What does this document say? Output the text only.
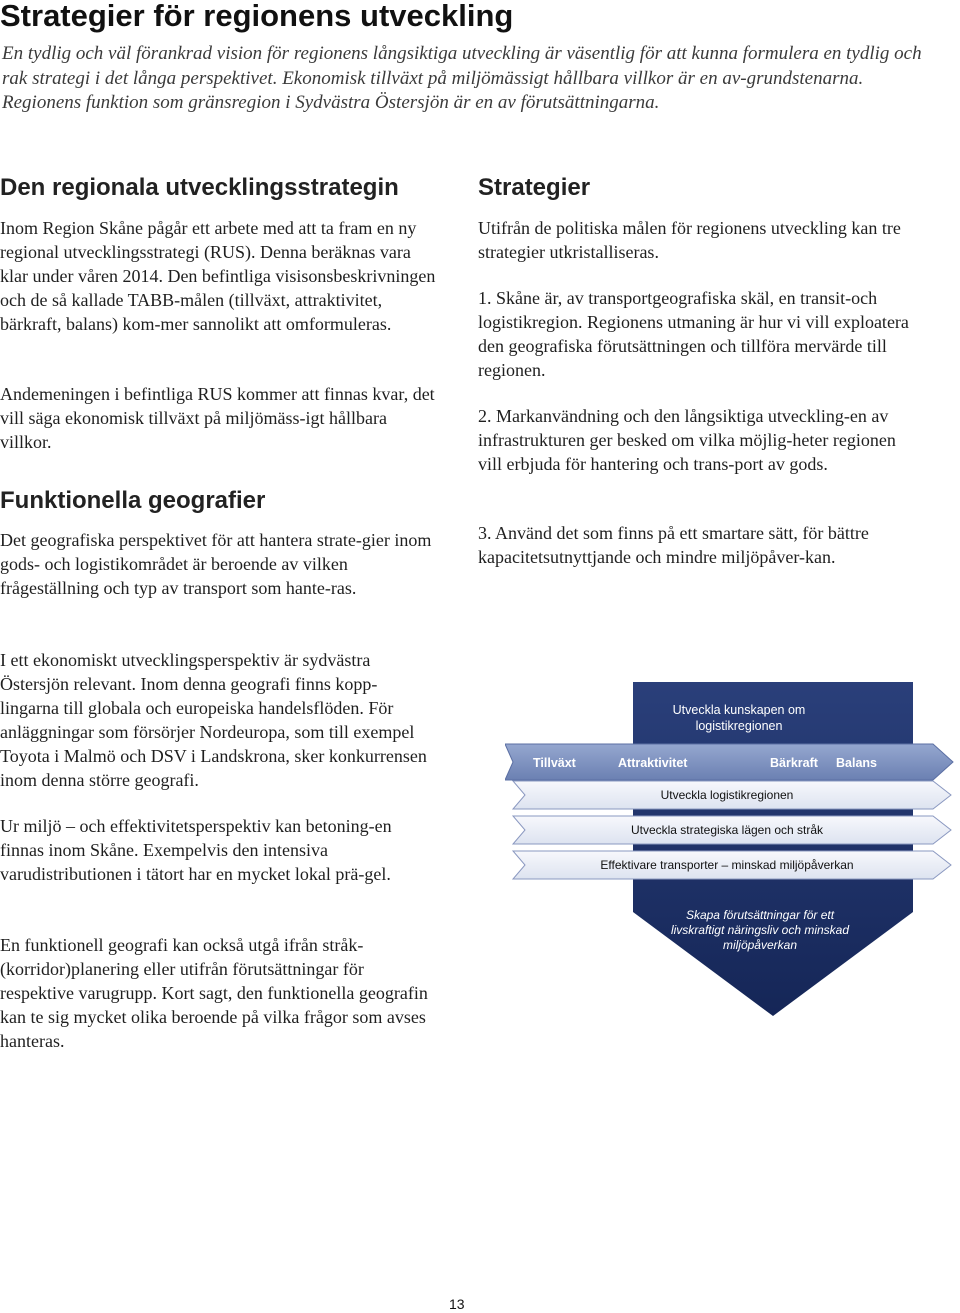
Strategier för regionens utveckling

En tydlig och väl förankrad vision för regionens långsiktiga utveckling är väsentlig för att kunna formulera en tydlig och rak strategi i det långa perspektivet. Ekonomisk tillväxt på miljömässigt hållbara villkor är en av-grundstenarna. Regionens funktion som gränsregion i Sydvästra Östersjön är en av förutsättningarna.

Den regionala utvecklingsstrategin

Inom Region Skåne pågår ett arbete med att ta fram en ny regional utvecklingsstrategi (RUS). Denna beräknas vara klar under våren 2014. Den befintliga visisonsbeskrivningen och de så kallade TABB-målen (tillväxt, attraktivitet, bärkraft, balans) kom-mer sannolikt att omformuleras.

Andemeningen i befintliga RUS kommer att finnas kvar, det vill säga ekonomisk tillväxt på miljömäss-igt hållbara villkor.

Funktionella geografier

Det geografiska perspektivet för att hantera strate-gier inom gods- och logistikområdet är beroende av vilken frågeställning och typ av transport som hante-ras.

I ett ekonomiskt utvecklingsperspektiv är sydvästra Östersjön relevant. Inom denna geografi finns kopp-lingarna till globala och europeiska handelsflöden. För anläggningar som försörjer Nordeuropa, som till exempel Toyota i Malmö och DSV i Landskrona, sker konkurrensen inom denna större geografi.

Ur miljö – och effektivitetsperspektiv kan betoning-en finnas inom Skåne. Exempelvis den intensiva varudistributionen i tätort har en mycket lokal prä-gel.

En funktionell geografi kan också utgå ifrån stråk-(korridor)planering eller utifrån förutsättningar för respektive varugrupp. Kort sagt, den funktionella geografin kan te sig mycket olika beroende på vilka frågor som avses hanteras.

Strategier

Utifrån de politiska målen för regionens utveckling kan tre strategier utkristalliseras.

1. Skåne är, av transportgeografiska skäl, en transit-och logistikregion. Regionens utmaning är hur vi vill exploatera den geografiska förutsättningen och tillföra mervärde till regionen.

2. Markanvändning och den långsiktiga utveckling-en av infrastrukturen ger besked om vilka möjlig-heter regionen vill erbjuda för hantering och trans-port av gods.

3. Använd det som finns på ett smartare sätt, för bättre kapacitetsutnyttjande och mindre miljöpåver-kan.

Utveckla kunskapen om
logistikregionen
Tillväxt	Attraktivitet	Bärkraft Balans
Utveckla logistikregionen
Utveckla strategiska lägen och stråk
Effektivare transporter – minskad miljöpåverkan
Skapa förutsättningar för ett
livskraftigt näringsliv och minskad
miljöpåverkan
13
